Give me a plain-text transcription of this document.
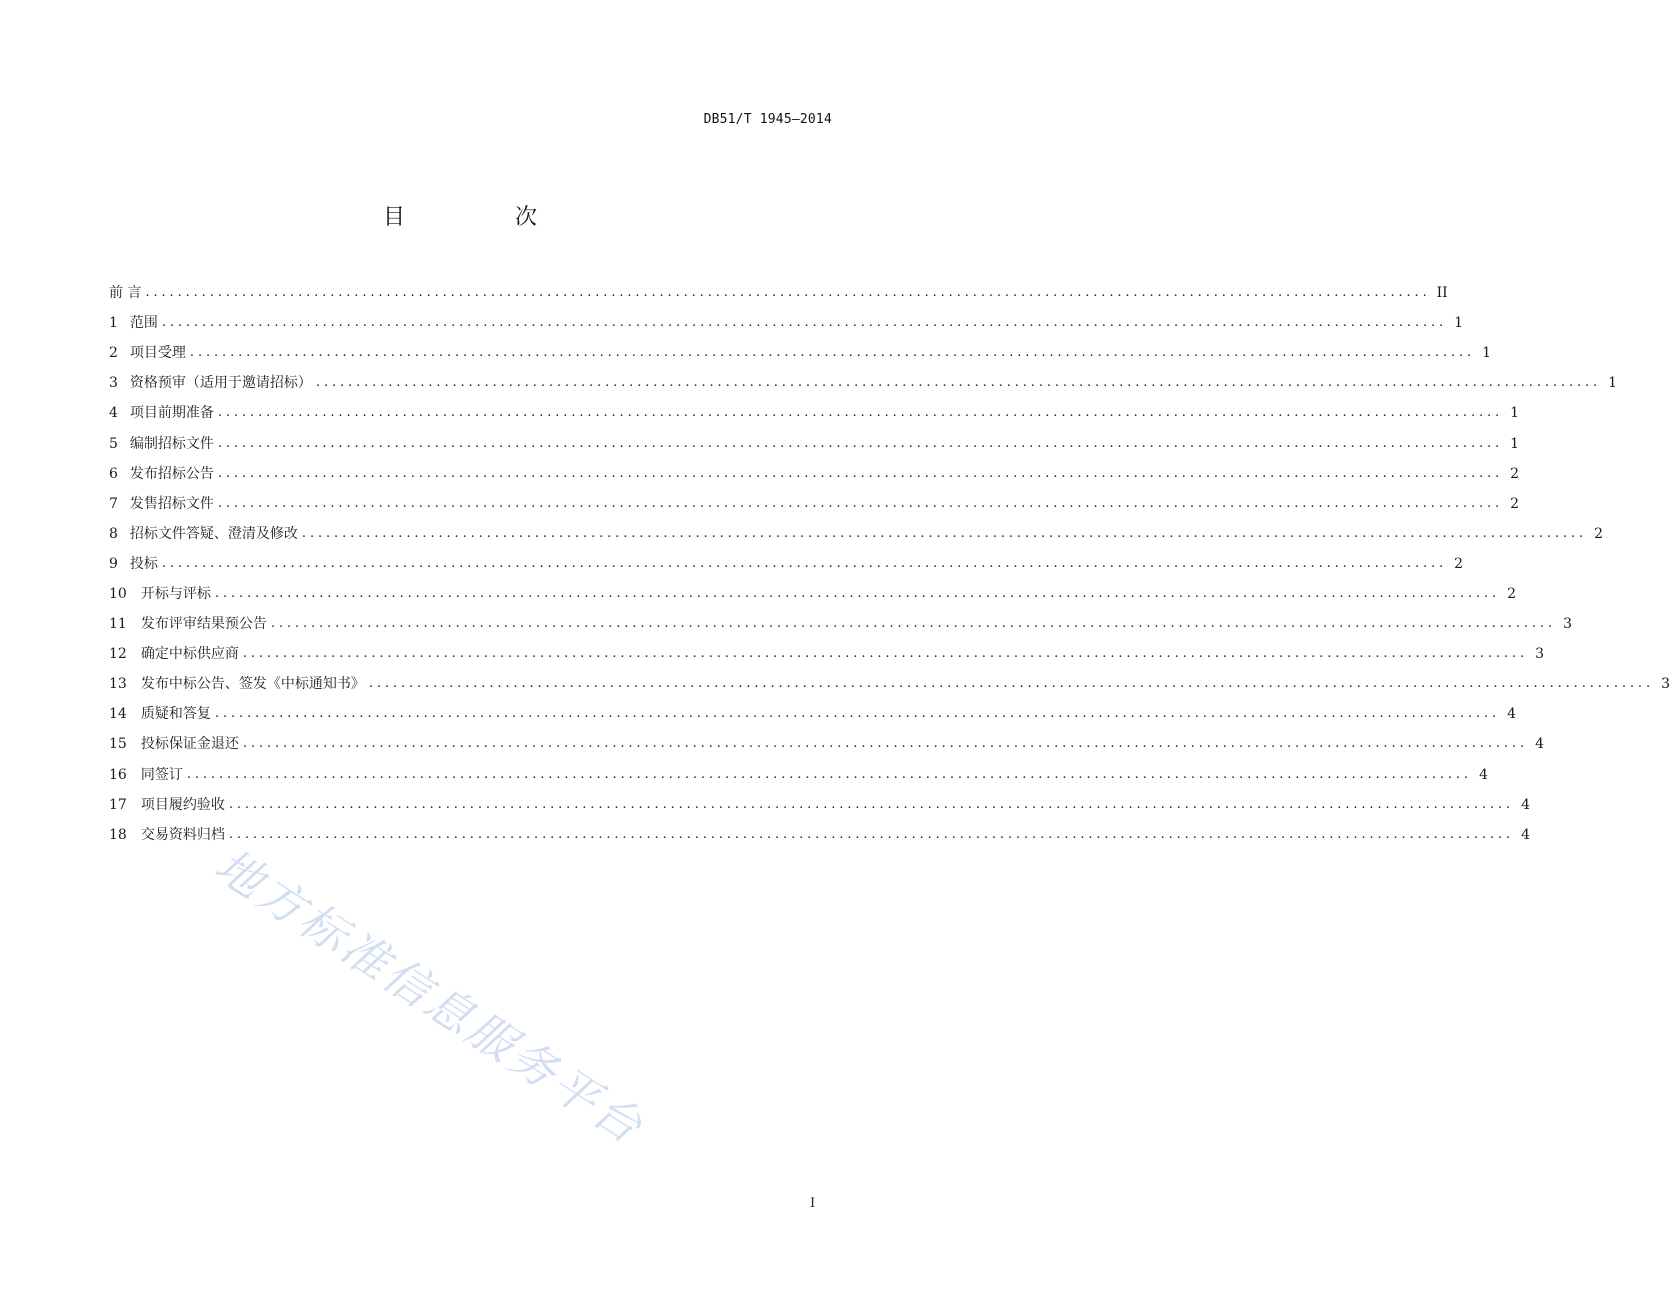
DB51/T 1945—2014
目　次
前 言 ................................................................................................................................................................ II
1 范围 ................................................................................................................................................................ 1
2 项目受理 ................................................................................................................................................................ 1
3 资格预审（适用于邀请招标） ................................................................................................................................................................ 1
4 项目前期准备 ................................................................................................................................................................ 1
5 编制招标文件 ................................................................................................................................................................ 1
6 发布招标公告 ................................................................................................................................................................ 2
7 发售招标文件 ................................................................................................................................................................ 2
8 招标文件答疑、澄清及修改 ................................................................................................................................................................ 2
9 投标 ................................................................................................................................................................ 2
10 开标与评标 ................................................................................................................................................................ 2
11 发布评审结果预公告 ................................................................................................................................................................ 3
12 确定中标供应商 ................................................................................................................................................................ 3
13 发布中标公告、签发《中标通知书》 ................................................................................................................................................................ 3
14 质疑和答复 ................................................................................................................................................................ 4
15 投标保证金退还 ................................................................................................................................................................ 4
16 同签订 ................................................................................................................................................................ 4
17 项目履约验收 ................................................................................................................................................................ 4
18 交易资料归档 ................................................................................................................................................................ 4
地方标准信息服务平台
I
